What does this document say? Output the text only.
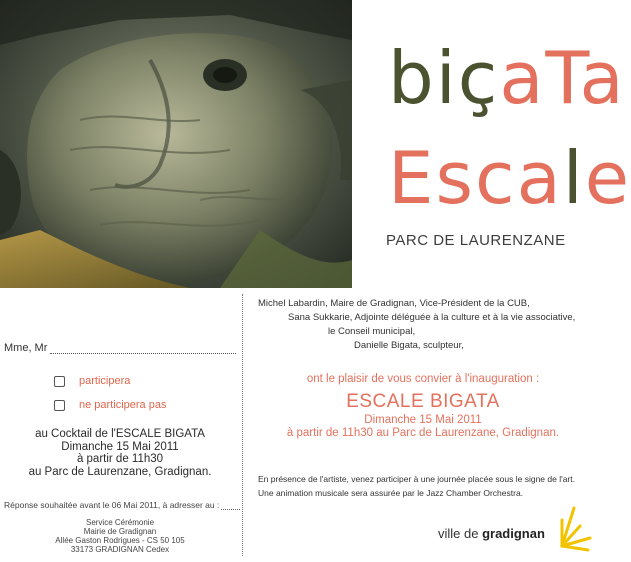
biçaTa
Escale
PARC DE LAURENZANE
Mme, Mr
participera
ne participera pas
au Cocktail de l'ESCALE BIGATA
Dimanche 15 Mai 2011
à partir de 11h30
au Parc de Laurenzane, Gradignan.
Réponse souhaitée avant le 06 Mai 2011, à adresser au :
Service Cérémonie
Mairie de Gradignan
Allée Gaston Rodrigues - CS 50 105
33173 GRADIGNAN Cedex
Michel Labardin, Maire de Gradignan, Vice-Président de la CUB,
Sana Sukkarie, Adjointe déléguée à la culture et à la vie associative,
le Conseil municipal,
Danielle Bigata, sculpteur,
ont le plaisir de vous convier à l'inauguration :
ESCALE BIGATA
Dimanche 15 Mai 2011
à partir de 11h30 au Parc de Laurenzane, Gradignan.
En présence de l'artiste, venez participer à une journée placée sous le signe de l'art.
Une animation musicale sera assurée par le Jazz Chamber Orchestra.
ville de gradignan
